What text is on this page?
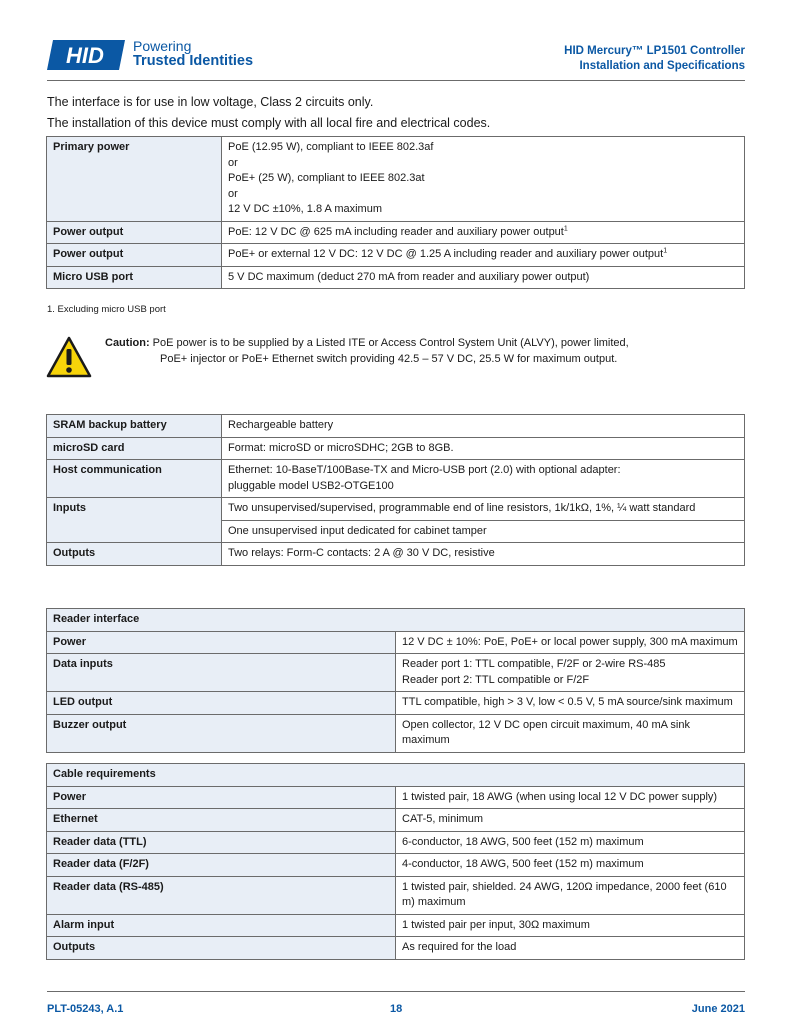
HID Powering
Trusted Identities
HID Mercury™ LP1501 Controller
Installation and Specifications
The interface is for use in low voltage, Class 2 circuits only.
The installation of this device must comply with all local fire and electrical codes.
Primary power	PoE (12.95 W), compliant to IEEE 802.3af
or
PoE+ (25 W), compliant to IEEE 802.3at
or
12 V DC ±10%, 1.8 A maximum

Power output	PoE: 12 V DC @ 625 mA including reader and auxiliary power output$^1$
Power output	PoE+ or external 12 V DC: 12 V DC @ 1.25 A including reader and auxiliary power output$^1$
Micro USB port	5 V DC maximum (deduct 270 mA from reader and auxiliary power output)
1. Excluding micro USB port
Caution: PoE power is to be supplied by a Listed ITE or Access Control System Unit (ALVY), power limited,
PoE+ injector or PoE+ Ethernet switch providing 42.5 – 57 V DC, 25.5 W for maximum output.
SRAM backup battery	Rechargeable battery
microSD card	Format: microSD or microSDHC; 2GB to 8GB.
Host communication	Ethernet: 10-BaseT/100Base-TX and Micro-USB port (2.0) with optional adapter:
pluggable model USB2-OTGE100

Inputs	Two unsupervised/supervised, programmable end of line resistors, 1k/1kΩ, 1%, ¼ watt standard
	One unsupervised input dedicated for cabinet tamper
Outputs	Two relays: Form-C contacts: 2 A @ 30 V DC, resistive
Reader interface	
Power	12 V DC ± 10%: PoE, PoE+ or local power supply, 300 mA maximum
Data inputs	Reader port 1: TTL compatible, F/2F or 2-wire RS-485
Reader port 2: TTL compatible or F/2F

LED output	TTL compatible, high > 3 V, low < 0.5 V, 5 mA source/sink maximum
Buzzer output	Open collector, 12 V DC open circuit maximum, 40 mA sink maximum
Cable requirements	
Power	1 twisted pair, 18 AWG (when using local 12 V DC power supply)
Ethernet	CAT-5, minimum
Reader data (TTL)	6-conductor, 18 AWG, 500 feet (152 m) maximum
Reader data (F/2F)	4-conductor, 18 AWG, 500 feet (152 m) maximum
Reader data (RS-485)	1 twisted pair, shielded. 24 AWG, 120Ω impedance, 2000 feet (610 m) maximum
Alarm input	1 twisted pair per input, 30Ω maximum
Outputs	As required for the load
PLT-05243, A.1	18	June 2021
